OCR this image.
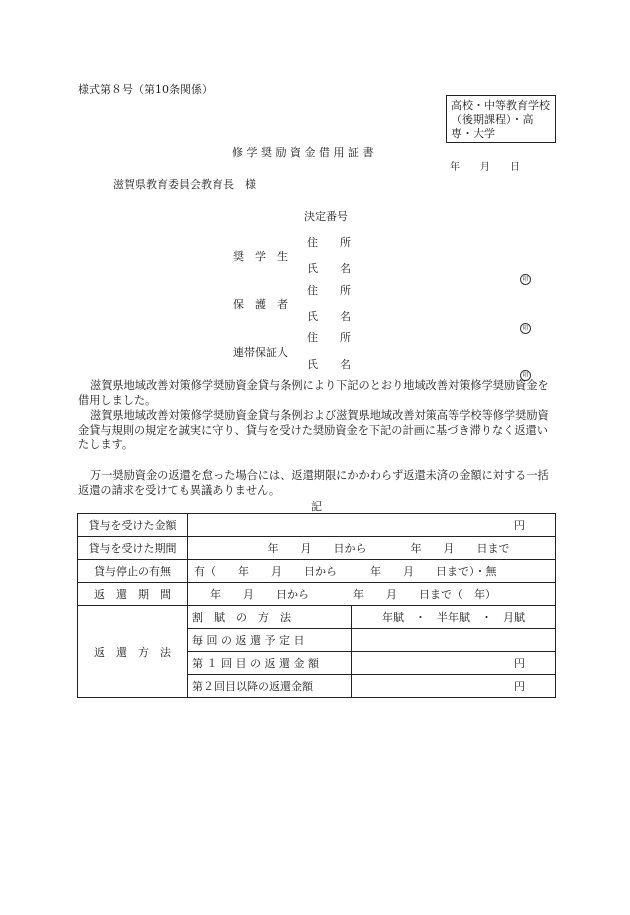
様式第８号（第10条関係）
高校・中等教育学校（後期課程）・高専・大学
修 学 奨 励 資 金 借 用 証 書
年　　月　　日
滋賀県教育委員会教育長　様
決定番号
住　　所
奨　学　生
氏　　名
印
住　　所
保　護　者
氏　　名
印
住　　所
連帯保証人
氏　　名
印
滋賀県地域改善対策修学奨励資金貸与条例により下記のとおり地域改善対策修学奨励資金を借用しました。
滋賀県地域改善対策修学奨励資金貸与条例および滋賀県地域改善対策高等学校等修学奨励資金貸与規則の規定を誠実に守り、貸与を受けた奨励資金を下記の計画に基づき滞りなく返還いたします。
万一奨励資金の返還を怠った場合には、返還期限にかかわらず返還未済の金額に対する一括返還の請求を受けても異議ありません。
記
貸与を受けた金額	円	
貸与を受けた期間	年　　月　　日から　　　　年　　月　　日まで	
貸与停止の有無	有（　　年　　月　　日から　　　年　　月　　日まで）・無	
返　還　期　間	年　　月　　日から　　　　年　　月　　日まで（　年）	
返　還　方　法	割　賦　の　方　法	年賦　・　半年賦　・　月賦
	毎 回 の 返 還 予 定 日	
	第 １ 回 目 の 返 還 金 額	円
	第２回目以降の返還金額	円
